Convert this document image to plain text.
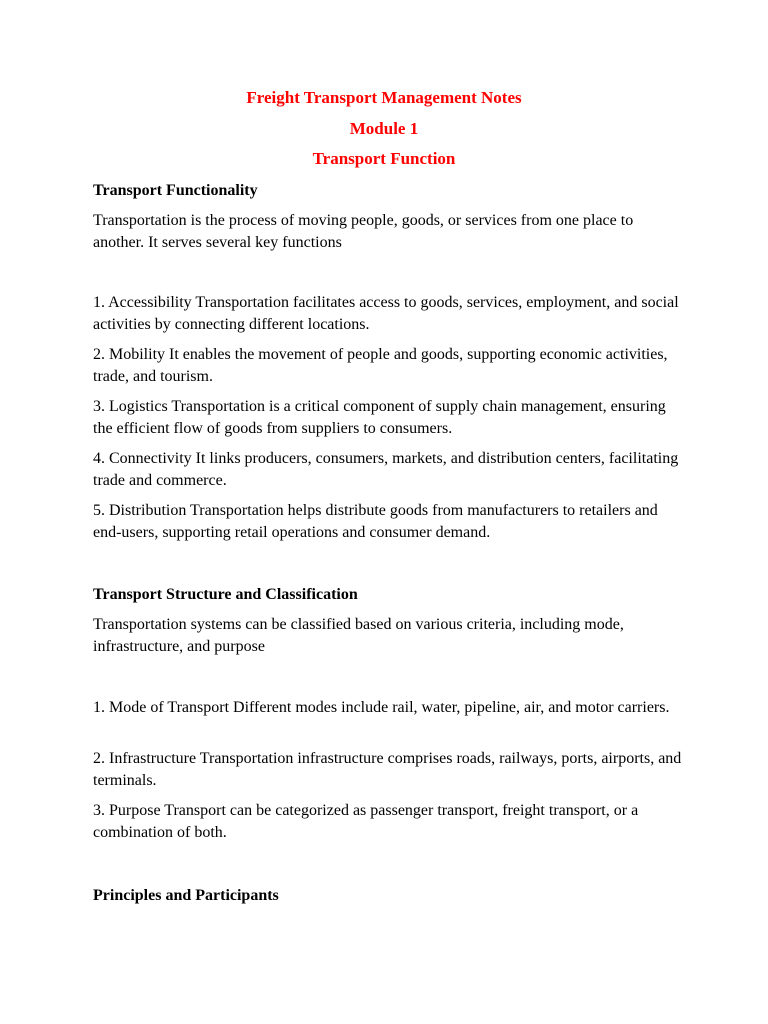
Freight Transport Management Notes
Module 1
Transport Function
Transport Functionality
Transportation is the process of moving people, goods, or services from one place to another. It serves several key functions
1. Accessibility Transportation facilitates access to goods, services, employment, and social activities by connecting different locations.
2. Mobility It enables the movement of people and goods, supporting economic activities, trade, and tourism.
3. Logistics Transportation is a critical component of supply chain management, ensuring the efficient flow of goods from suppliers to consumers.
4. Connectivity It links producers, consumers, markets, and distribution centers, facilitating trade and commerce.
5. Distribution Transportation helps distribute goods from manufacturers to retailers and end-users, supporting retail operations and consumer demand.
Transport Structure and Classification
Transportation systems can be classified based on various criteria, including mode, infrastructure, and purpose
1. Mode of Transport Different modes include rail, water, pipeline, air, and motor carriers.
2. Infrastructure Transportation infrastructure comprises roads, railways, ports, airports, and terminals.
3. Purpose Transport can be categorized as passenger transport, freight transport, or a combination of both.
Principles and Participants
